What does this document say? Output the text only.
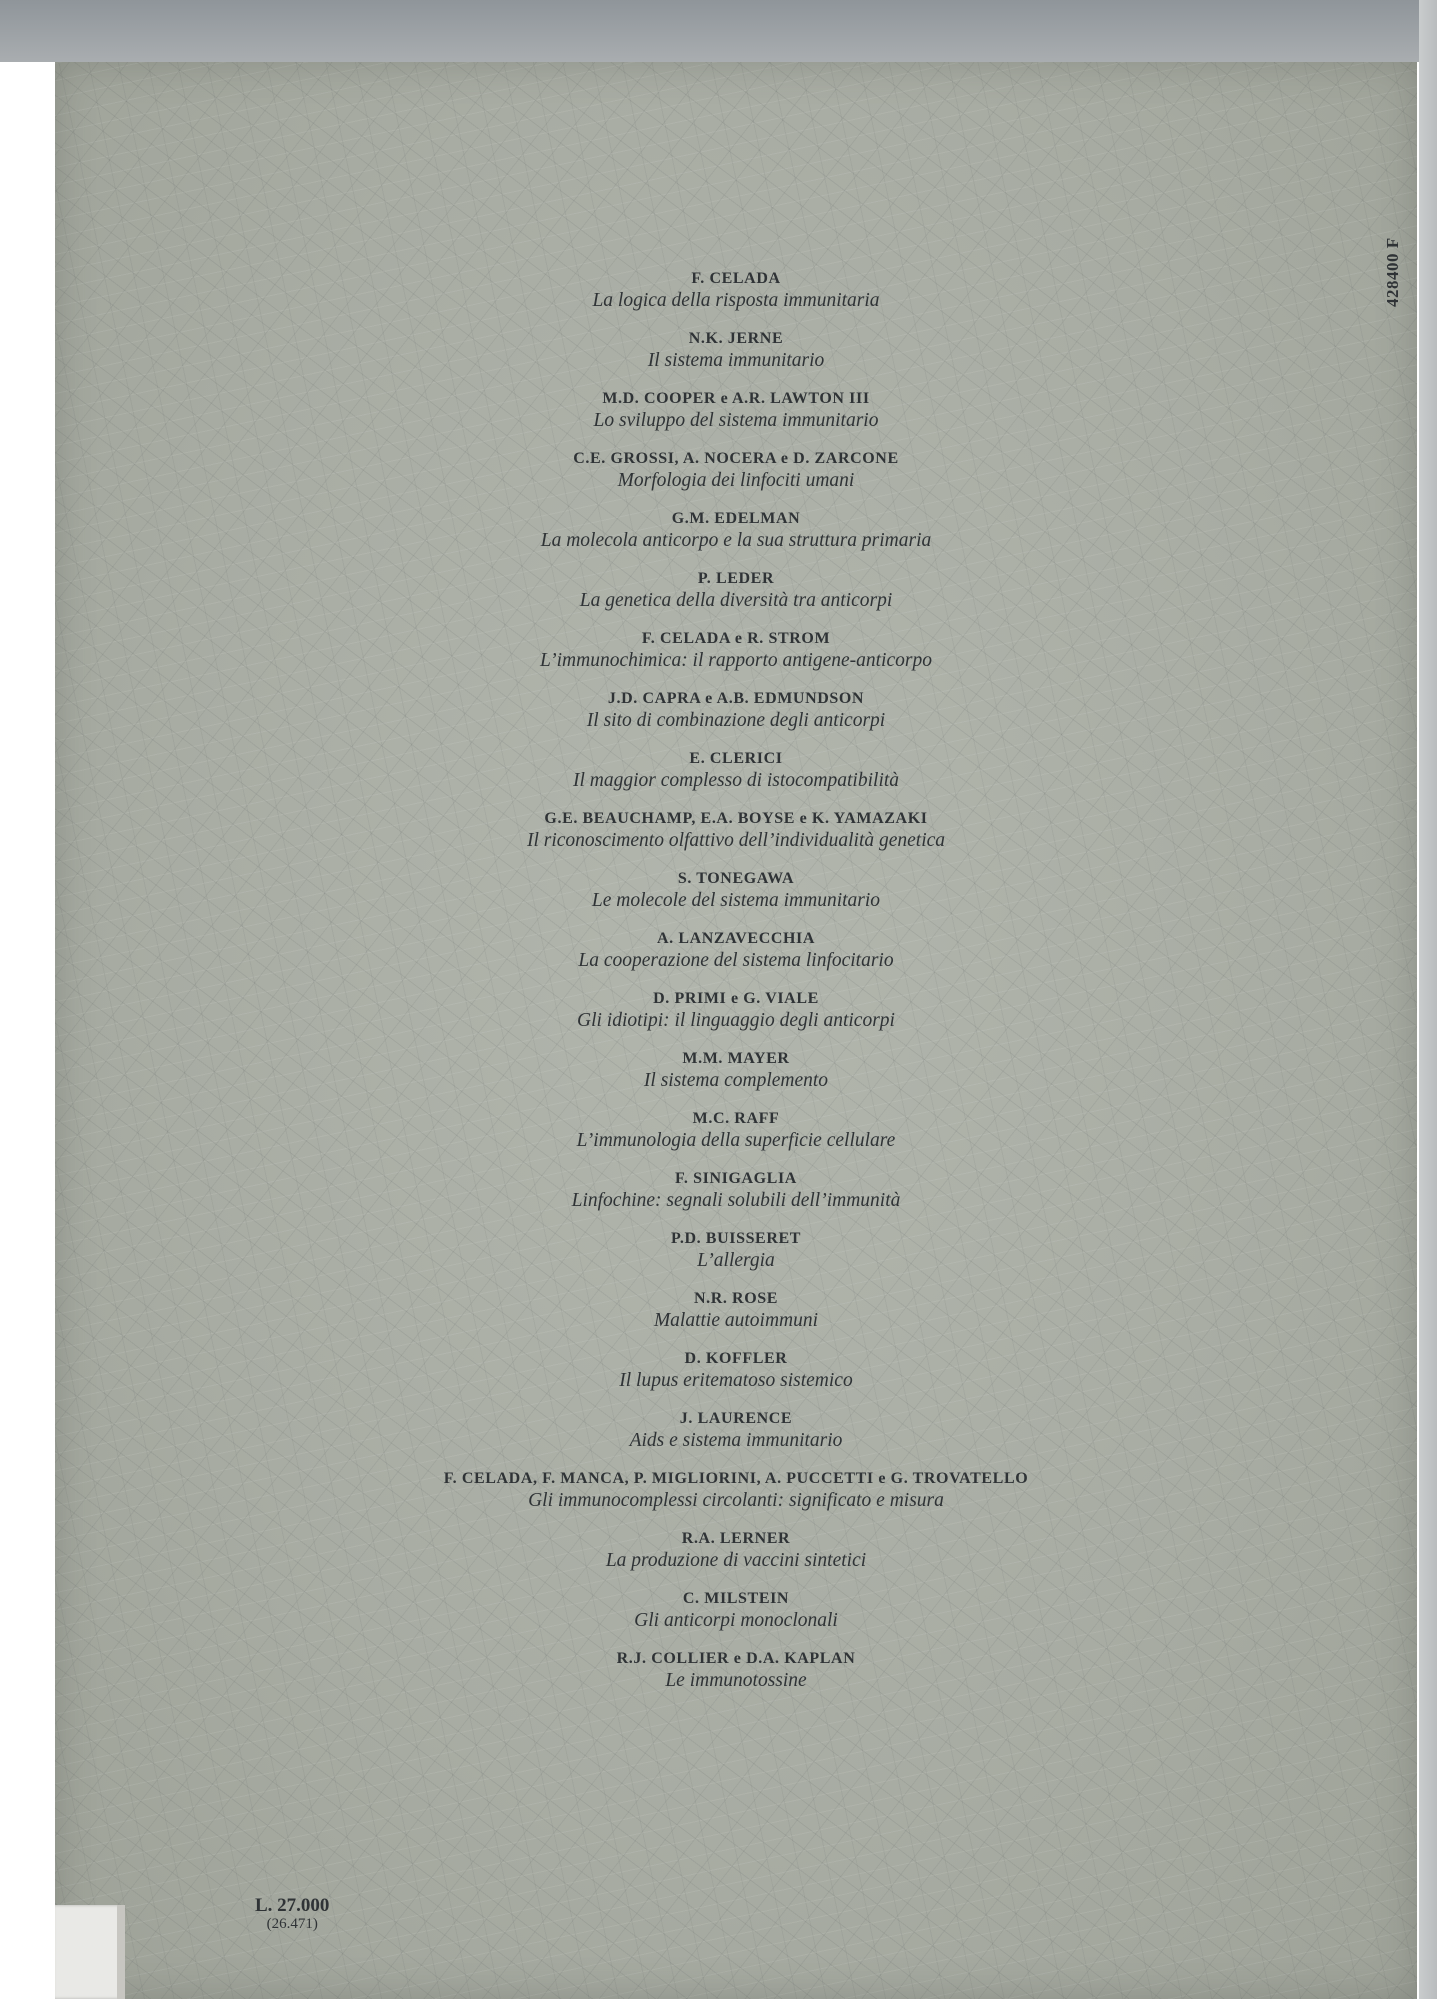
428400 F
F. CELADA
La logica della risposta immunitaria
N.K. JERNE
Il sistema immunitario
M.D. COOPER e A.R. LAWTON III
Lo sviluppo del sistema immunitario
C.E. GROSSI, A. NOCERA e D. ZARCONE
Morfologia dei linfociti umani
G.M. EDELMAN
La molecola anticorpo e la sua struttura primaria
P. LEDER
La genetica della diversità tra anticorpi
F. CELADA e R. STROM
L’immunochimica: il rapporto antigene-anticorpo
J.D. CAPRA e A.B. EDMUNDSON
Il sito di combinazione degli anticorpi
E. CLERICI
Il maggior complesso di istocompatibilità
G.E. BEAUCHAMP, E.A. BOYSE e K. YAMAZAKI
Il riconoscimento olfattivo dell’individualità genetica
S. TONEGAWA
Le molecole del sistema immunitario
A. LANZAVECCHIA
La cooperazione del sistema linfocitario
D. PRIMI e G. VIALE
Gli idiotipi: il linguaggio degli anticorpi
M.M. MAYER
Il sistema complemento
M.C. RAFF
L’immunologia della superficie cellulare
F. SINIGAGLIA
Linfochine: segnali solubili dell’immunità
P.D. BUISSERET
L’allergia
N.R. ROSE
Malattie autoimmuni
D. KOFFLER
Il lupus eritematoso sistemico
J. LAURENCE
Aids e sistema immunitario
F. CELADA, F. MANCA, P. MIGLIORINI, A. PUCCETTI e G. TROVATELLO
Gli immunocomplessi circolanti: significato e misura
R.A. LERNER
La produzione di vaccini sintetici
C. MILSTEIN
Gli anticorpi monoclonali
R.J. COLLIER e D.A. KAPLAN
Le immunotossine
L. 27.000
(26.471)
